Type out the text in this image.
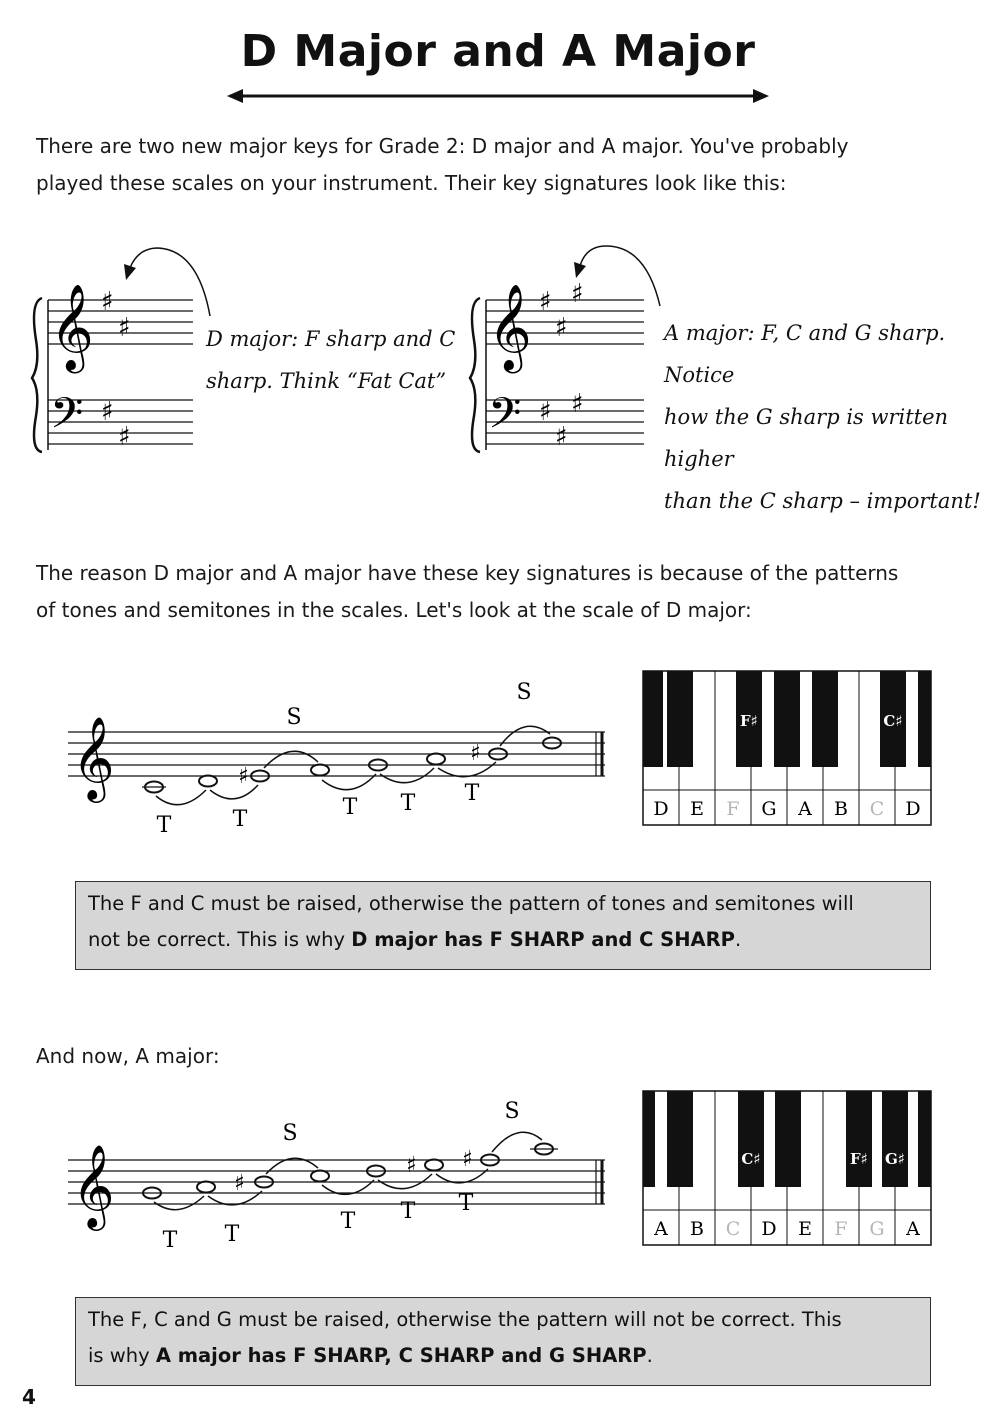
D Major and A Major
There are two new major keys for Grade 2: D major and A major. You've probably
played these scales on your instrument. Their key signatures look like this:
𝄞
𝄢
♯
♯
♯
♯
D major: F sharp and C
sharp. Think “Fat Cat”
𝄞
𝄢
♯
♯
♯
♯
♯
♯
A major: F, C and G sharp. Notice
how the G sharp is written higher
than the C sharp – important!
The reason D major and A major have these key signatures is because of the patterns
of tones and semitones in the scales. Let's look at the scale of D major:
𝄞	♯
♯
T	T
S
T T T
S
F♯	C♯
D E F G A B C D
The F and C must be raised, otherwise the pattern of tones and semitones will
not be correct. This is why D major has F SHARP and C SHARP.
And now, A major:
𝄞	♯
♯ ♯
T T
S
T T T
S
C♯	F♯ G♯
A B C D E F G A
The F, C and G must be raised, otherwise the pattern will not be correct. This
is why A major has F SHARP, C SHARP and G SHARP.
4
